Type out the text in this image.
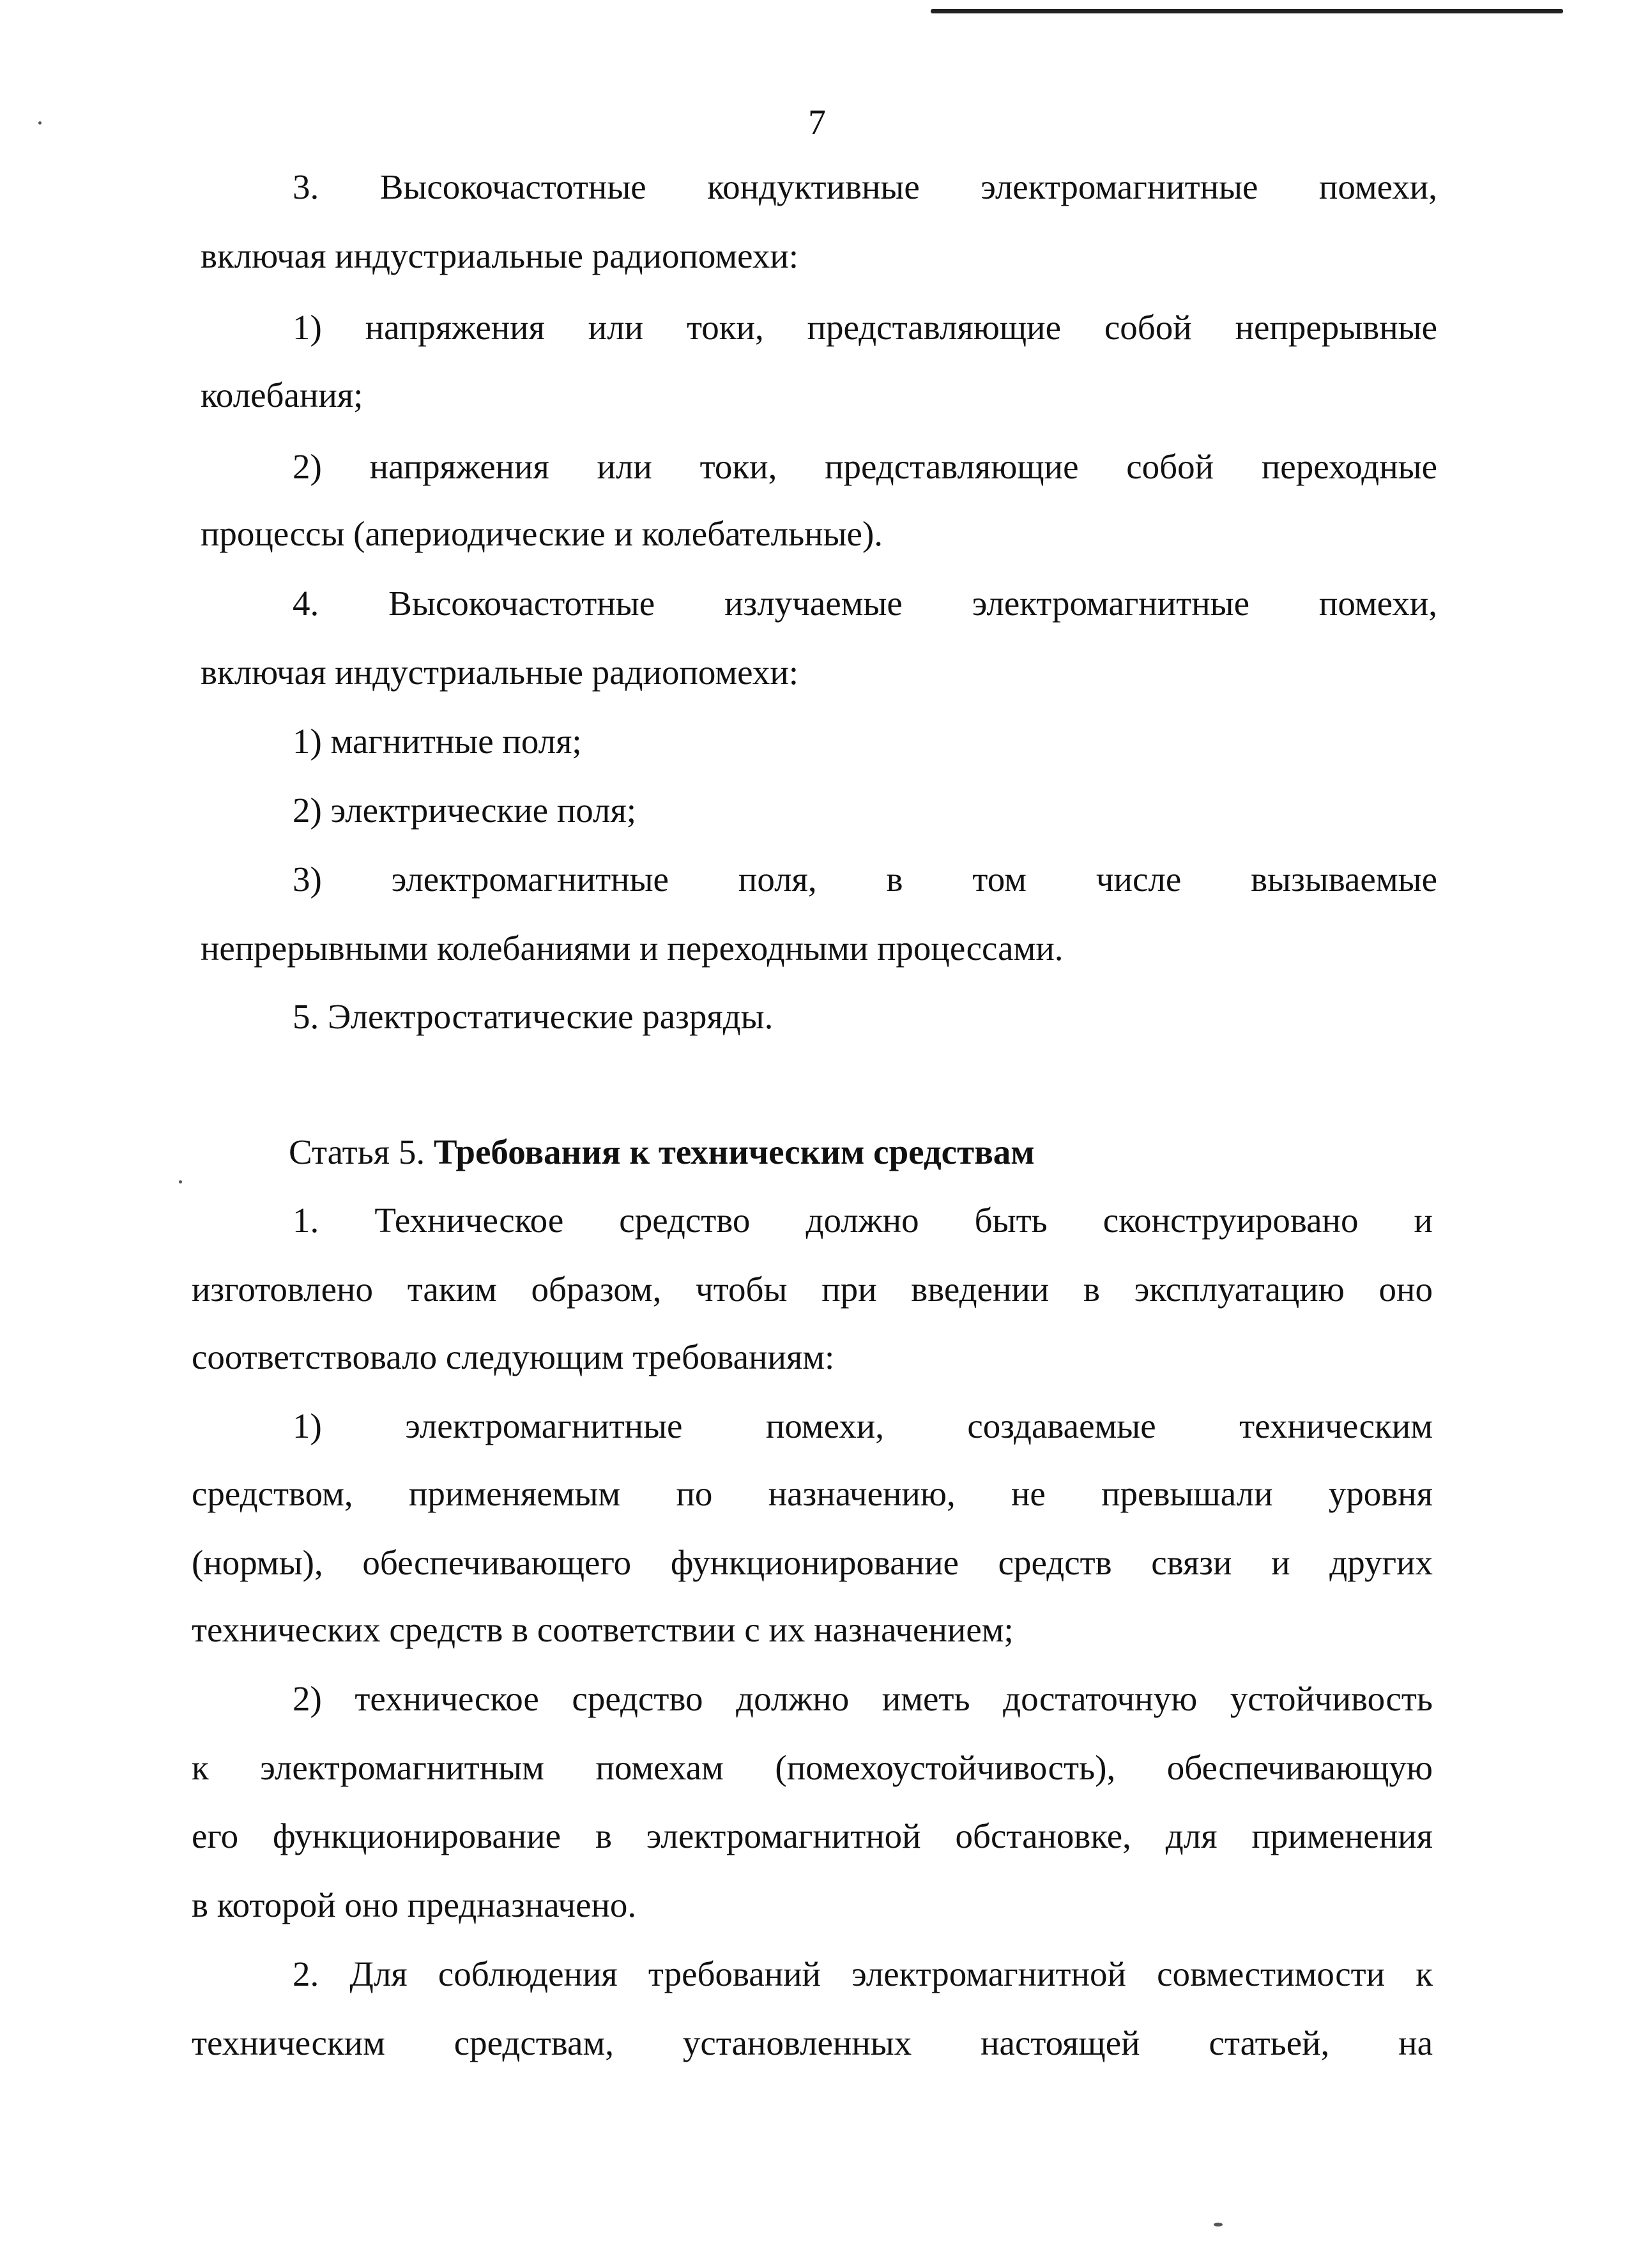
7
Статья 5. Требования к техническим средствам
3. Высокочастотные кондуктивные электромагнитные помехи,
включая индустриальные радиопомехи:
1) напряжения или токи, представляющие собой непрерывные
колебания;
2) напряжения или токи, представляющие собой переходные
процессы (апериодические и колебательные).
4. Высокочастотные излучаемые электромагнитные помехи,
включая индустриальные радиопомехи:
1) магнитные поля;
2) электрические поля;
3) электромагнитные поля, в том числе вызываемые
непрерывными колебаниями и переходными процессами.
5. Электростатические разряды.
1. Техническое средство должно быть сконструировано и
изготовлено таким образом, чтобы при введении в эксплуатацию оно
соответствовало следующим требованиям:
1) электромагнитные помехи, создаваемые техническим
средством, применяемым по назначению, не превышали уровня
(нормы), обеспечивающего функционирование средств связи и других
технических средств в соответствии с их назначением;
2) техническое средство должно иметь достаточную устойчивость
к электромагнитным помехам (помехоустойчивость), обеспечивающую
его функционирование в электромагнитной обстановке, для применения
в которой оно предназначено.
2. Для соблюдения требований электромагнитной совместимости к
техническим средствам, установленных настоящей статьей, на
